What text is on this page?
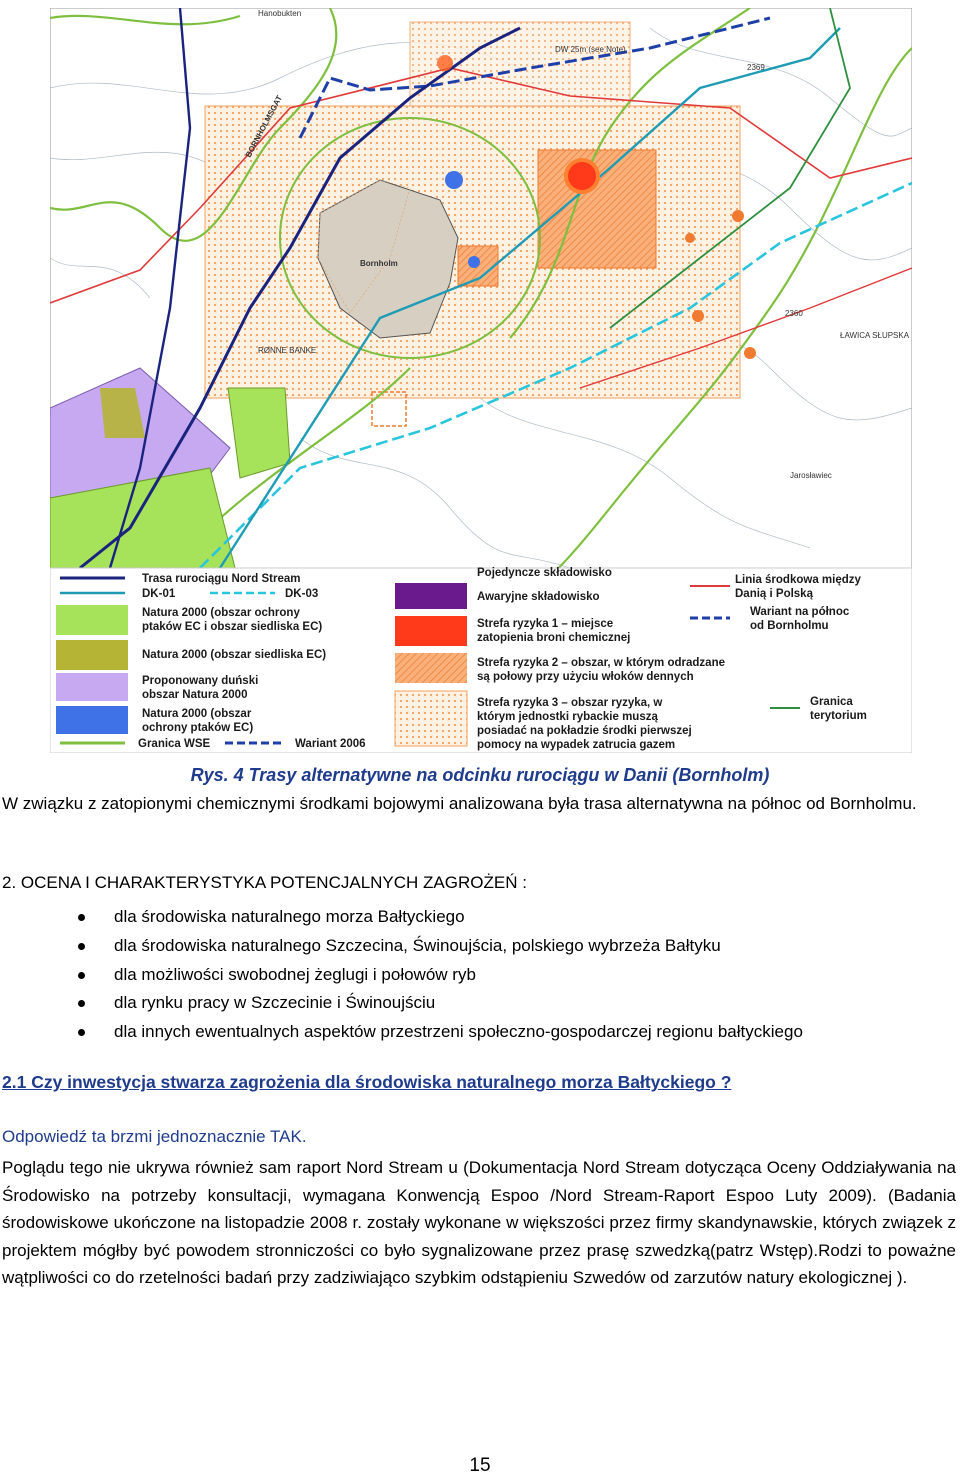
Bornholm
Hanobukten
DW 25m (see Note)
2369
2360
BORNHOLMSGAT
RØNNE BANKE
ŁAWICA SŁUPSKA
Jarosławiec
Trasa rurociągu Nord Stream
DK-01	DK-03
Natura 2000 (obszar ochrony
ptaków EC i obszar siedliska EC)
Natura 2000 (obszar siedliska EC)
Proponowany duński
obszar Natura 2000
Natura 2000 (obszar
ochrony ptaków EC)
Granica WSE	Wariant 2006
Pojedyncze składowisko
Awaryjne składowisko
Strefa ryzyka 1 – miejsce
zatopienia broni chemicznej
Strefa ryzyka 2 – obszar, w którym odradzane
są połowy przy użyciu włoków dennych
Strefa ryzyka 3 – obszar ryzyka, w
którym jednostki rybackie muszą
posiadać na pokładzie środki pierwszej
pomocy na wypadek zatrucia gazem
Linia środkowa między
Danią i Polską
Wariant na północ
od Bornholmu
Granica
terytorium
Rys. 4 Trasy alternatywne na odcinku rurociągu w Danii (Bornholm)
W związku z zatopionymi chemicznymi środkami bojowymi analizowana była trasa alternatywna na północ od Bornholmu.
2. OCENA I CHARAKTERYSTYKA POTENCJALNYCH ZAGROŻEŃ :
dla środowiska naturalnego morza Bałtyckiego
dla środowiska naturalnego Szczecina, Świnoujścia, polskiego wybrzeża Bałtyku
dla możliwości swobodnej żeglugi i połowów ryb
dla rynku pracy w Szczecinie i Świnoujściu
dla innych ewentualnych aspektów przestrzeni społeczno-gospodarczej regionu bałtyckiego
2.1 Czy inwestycja stwarza zagrożenia dla środowiska naturalnego morza Bałtyckiego ?
Odpowiedź ta brzmi jednoznacznie TAK.
Poglądu tego nie ukrywa również sam raport Nord Stream u (Dokumentacja Nord Stream dotycząca Oceny Oddziaływania na Środowisko na potrzeby konsultacji, wymagana Konwencją Espoo /Nord Stream-Raport Espoo Luty 2009). (Badania środowiskowe ukończone na listopadzie 2008 r. zostały wykonane w większości przez firmy skandynawskie, których związek z projektem mógłby być powodem stronniczości co było sygnalizowane przez prasę szwedzką(patrz Wstęp).Rodzi to poważne wątpliwości co do rzetelności badań przy zadziwiająco szybkim odstąpieniu Szwedów od zarzutów natury ekologicznej ).
15
